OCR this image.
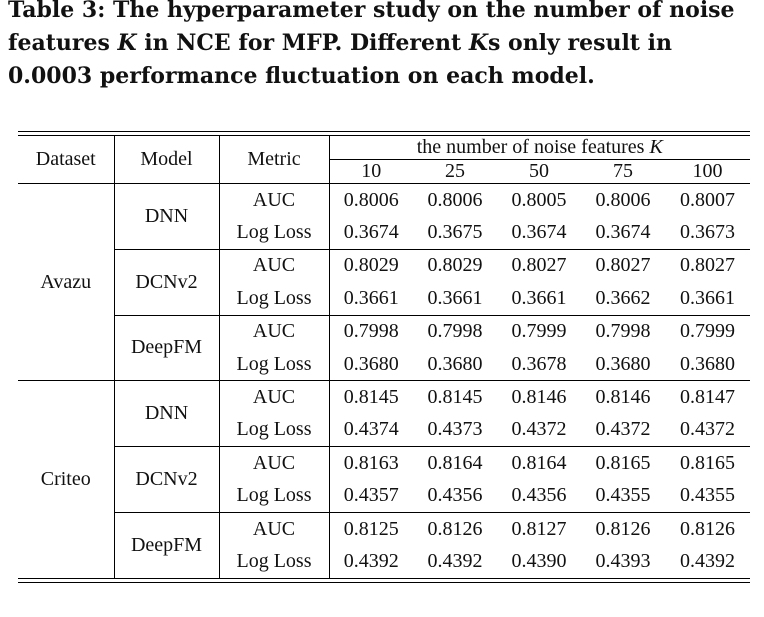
Table 3: The hyperparameter study on the number of noise features K in NCE for MFP. Different Ks only result in 0.0003 performance fluctuation on each model.

Dataset	Model	Metric	the number of noise features K				
			10	25	50	75	100
Avazu	DNN	AUC	0.8006	0.8006	0.8005	0.8006	0.8007
		Log Loss	0.3674	0.3675	0.3674	0.3674	0.3673
	DCNv2	AUC	0.8029	0.8029	0.8027	0.8027	0.8027
		Log Loss	0.3661	0.3661	0.3661	0.3662	0.3661
	DeepFM	AUC	0.7998	0.7998	0.7999	0.7998	0.7999
		Log Loss	0.3680	0.3680	0.3678	0.3680	0.3680
Criteo	DNN	AUC	0.8145	0.8145	0.8146	0.8146	0.8147
		Log Loss	0.4374	0.4373	0.4372	0.4372	0.4372
	DCNv2	AUC	0.8163	0.8164	0.8164	0.8165	0.8165
		Log Loss	0.4357	0.4356	0.4356	0.4355	0.4355
	DeepFM	AUC	0.8125	0.8126	0.8127	0.8126	0.8126
		Log Loss	0.4392	0.4392	0.4390	0.4393	0.4392
